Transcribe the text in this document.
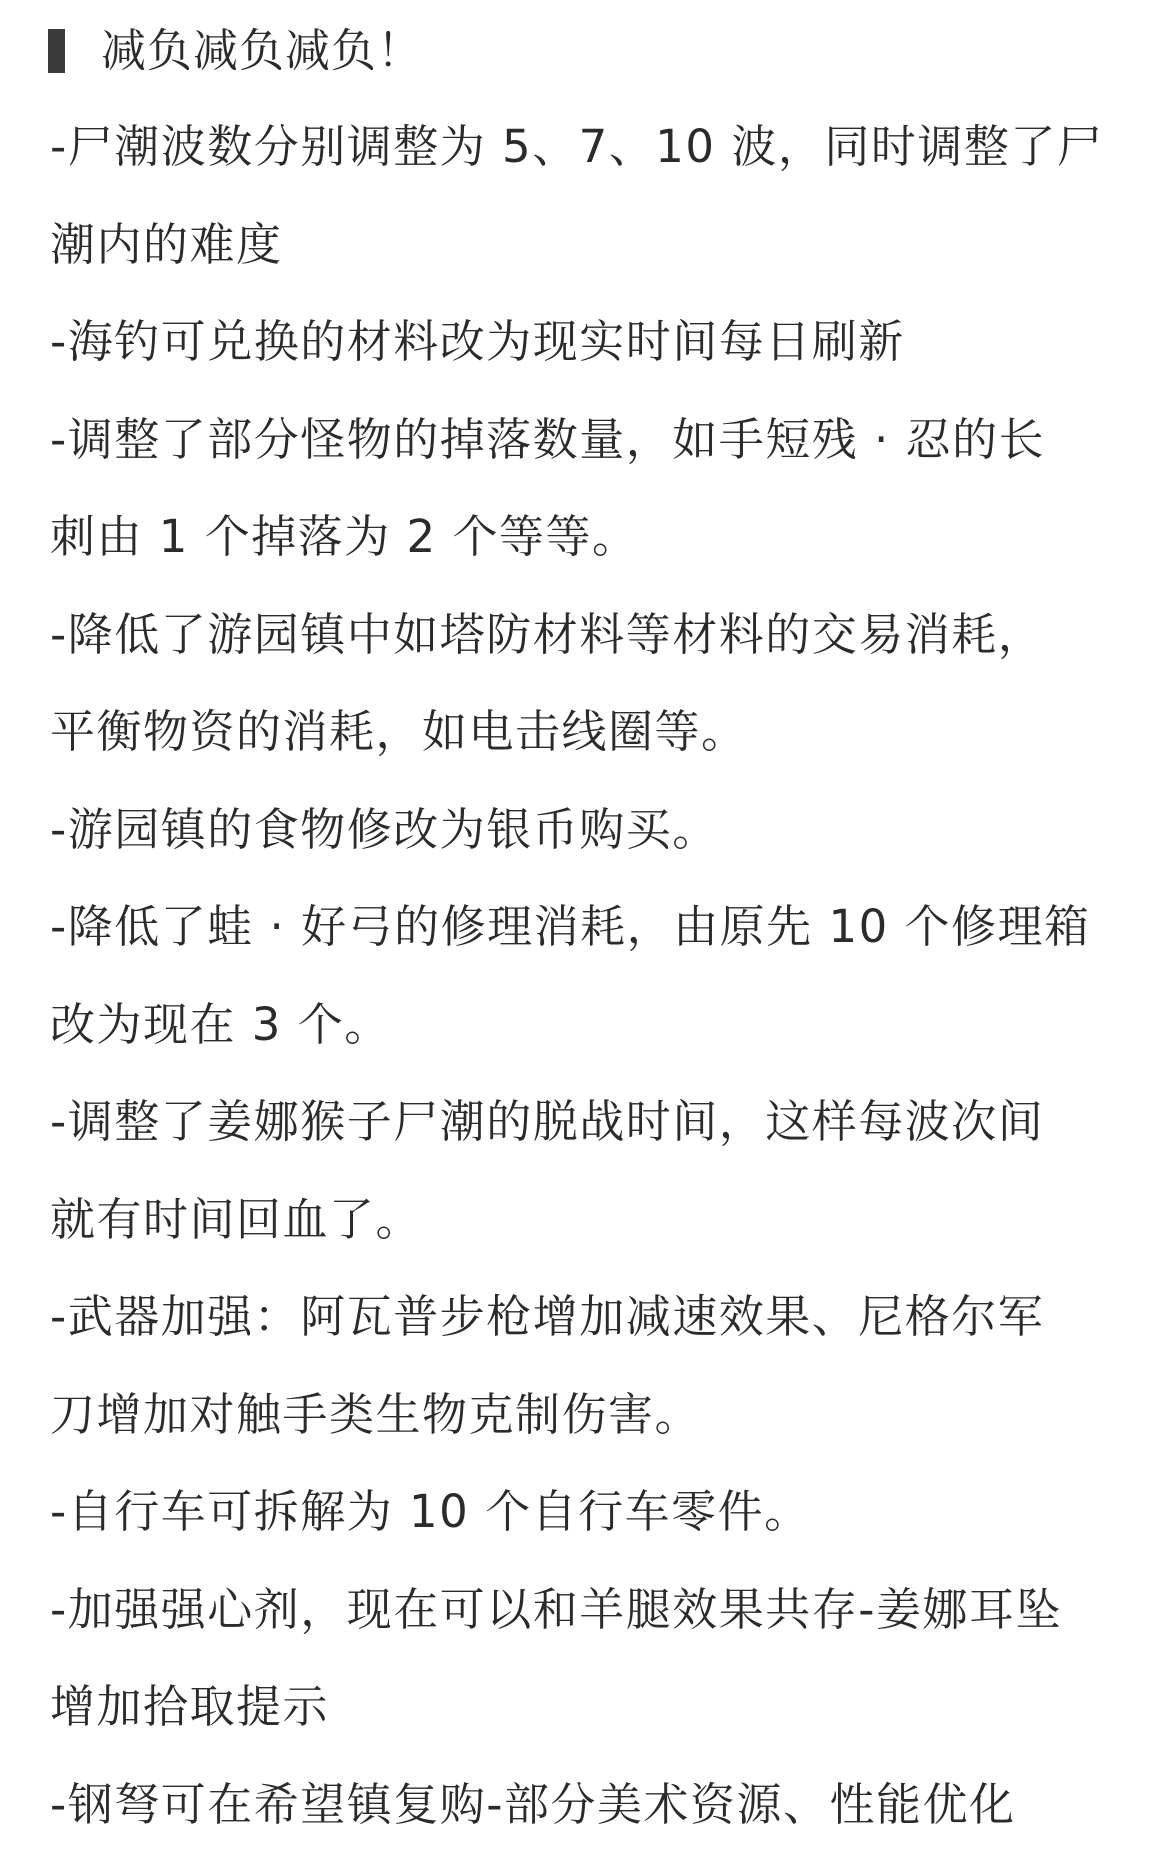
减负减负减负！
-尸潮波数分别调整为 5、7、10 波，同时调整了尸
潮内的难度
-海钓可兑换的材料改为现实时间每日刷新
-调整了部分怪物的掉落数量，如手短残 · 忍的长
刺由 1 个掉落为 2 个等等。
-降低了游园镇中如塔防材料等材料的交易消耗，
平衡物资的消耗，如电击线圈等。
-游园镇的食物修改为银币购买。
-降低了蛙 · 好弓的修理消耗，由原先 10 个修理箱
改为现在 3 个。
-调整了姜娜猴子尸潮的脱战时间，这样每波次间
就有时间回血了。
-武器加强：阿瓦普步枪增加减速效果、尼格尔军
刀增加对触手类生物克制伤害。
-自行车可拆解为 10 个自行车零件。
-加强强心剂，现在可以和羊腿效果共存-姜娜耳坠
增加拾取提示
-钢弩可在希望镇复购-部分美术资源、性能优化
